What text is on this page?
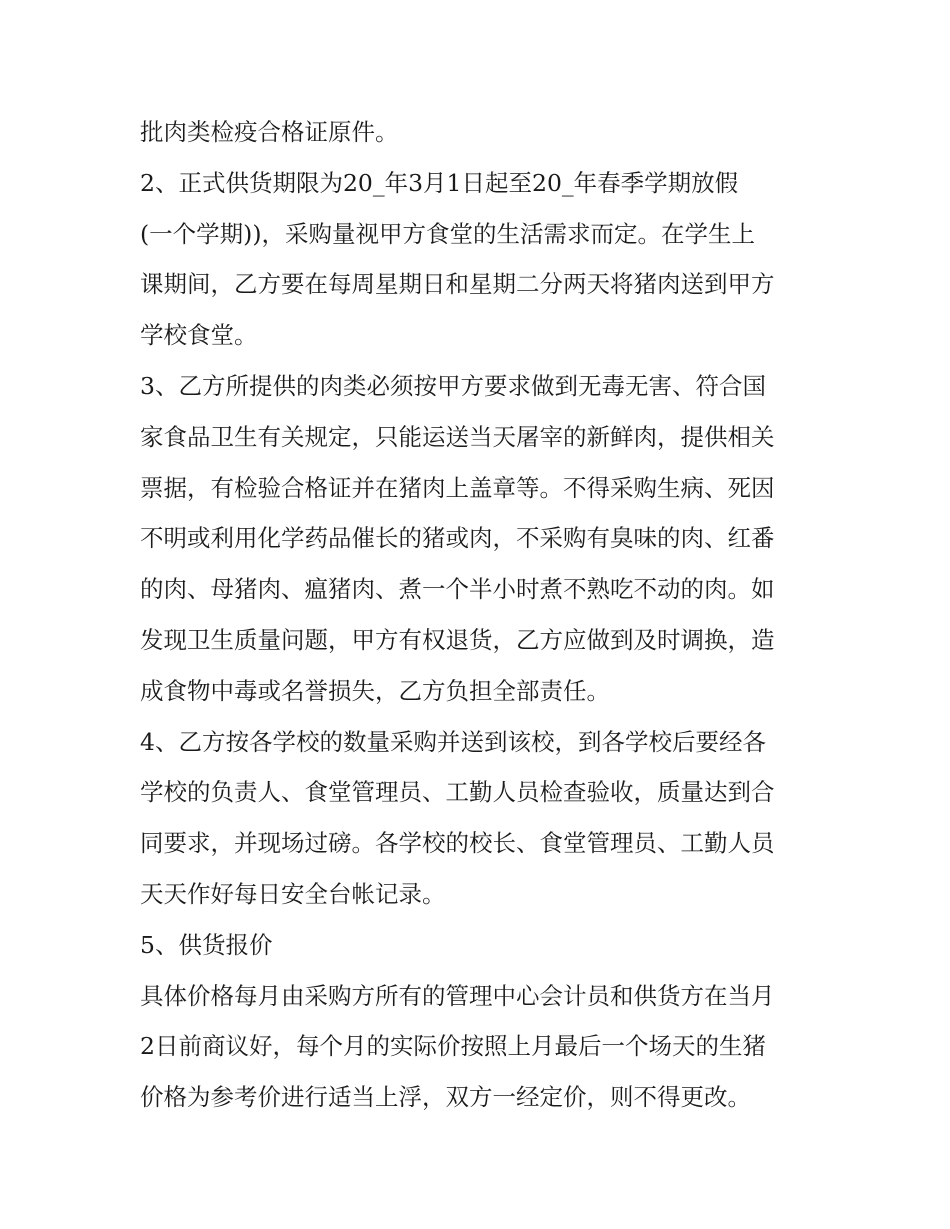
批肉类检疫合格证原件。
2、正式供货期限为20_年3月1日起至20_年春季学期放假
(一个学期))，采购量视甲方食堂的生活需求而定。在学生上
课期间，乙方要在每周星期日和星期二分两天将猪肉送到甲方
学校食堂。
3、乙方所提供的肉类必须按甲方要求做到无毒无害、符合国
家食品卫生有关规定，只能运送当天屠宰的新鲜肉，提供相关
票据，有检验合格证并在猪肉上盖章等。不得采购生病、死因
不明或利用化学药品催长的猪或肉，不采购有臭味的肉、红番
的肉、母猪肉、瘟猪肉、煮一个半小时煮不熟吃不动的肉。如
发现卫生质量问题，甲方有权退货，乙方应做到及时调换，造
成食物中毒或名誉损失，乙方负担全部责任。
4、乙方按各学校的数量采购并送到该校，到各学校后要经各
学校的负责人、食堂管理员、工勤人员检查验收，质量达到合
同要求，并现场过磅。各学校的校长、食堂管理员、工勤人员
天天作好每日安全台帐记录。
5、供货报价
具体价格每月由采购方所有的管理中心会计员和供货方在当月
2日前商议好，每个月的实际价按照上月最后一个场天的生猪
价格为参考价进行适当上浮，双方一经定价，则不得更改。
